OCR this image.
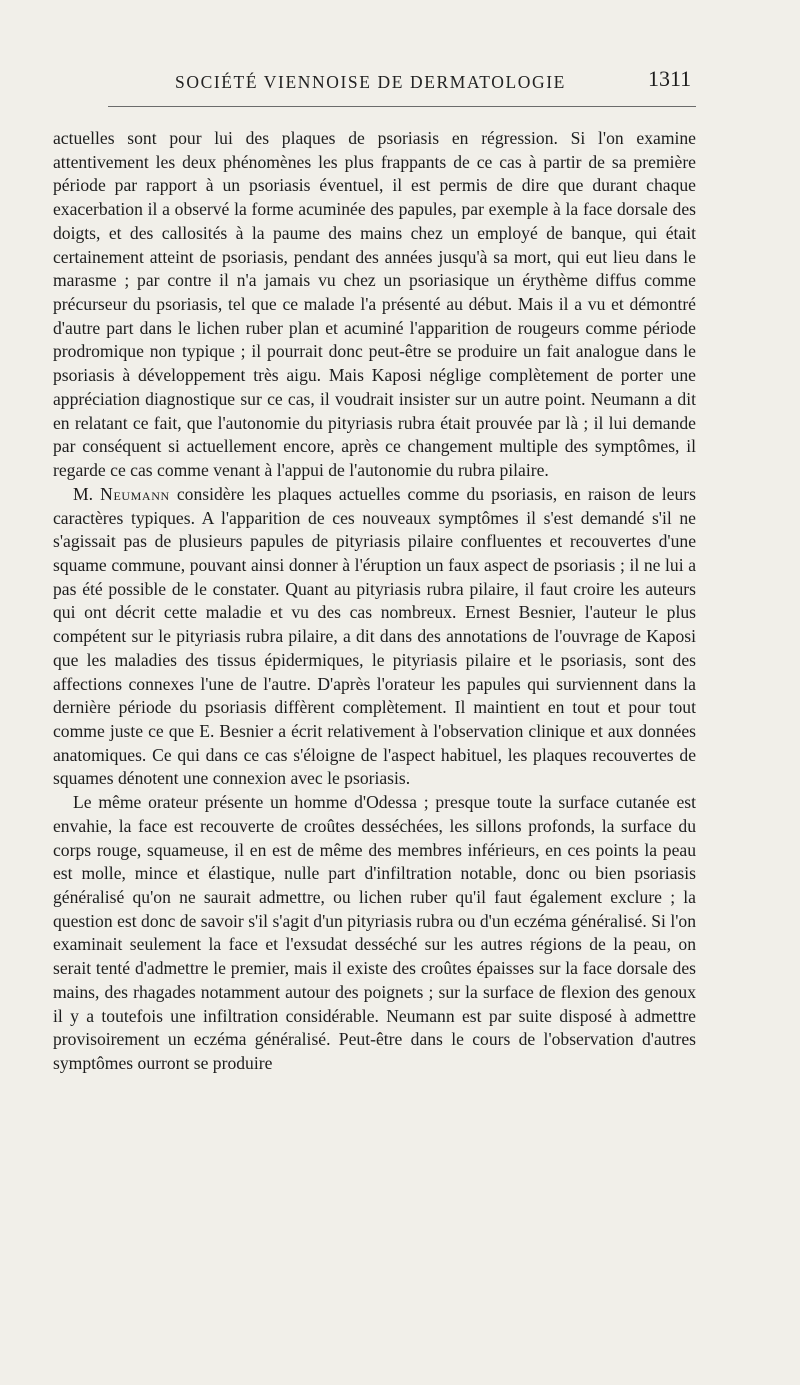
SOCIÉTÉ VIENNOISE DE DERMATOLOGIE	1311

actuelles sont pour lui des plaques de psoriasis en régression. Si l'on examine attentivement les deux phénomènes les plus frappants de ce cas à partir de sa première période par rapport à un psoriasis éventuel, il est permis de dire que durant chaque exacerbation il a observé la forme acuminée des papules, par exemple à la face dorsale des doigts, et des callosités à la paume des mains chez un employé de banque, qui était certainement atteint de psoriasis, pendant des années jusqu'à sa mort, qui eut lieu dans le marasme ; par contre il n'a jamais vu chez un psoriasique un érythème diffus comme précurseur du psoriasis, tel que ce malade l'a présenté au début. Mais il a vu et démontré d'autre part dans le lichen ruber plan et acuminé l'apparition de rougeurs comme période prodromique non typique ; il pourrait donc peut-être se produire un fait analogue dans le psoriasis à développement très aigu. Mais Kaposi néglige complètement de porter une appréciation diagnostique sur ce cas, il voudrait insister sur un autre point. Neumann a dit en relatant ce fait, que l'autonomie du pityriasis rubra était prouvée par là ; il lui demande par conséquent si actuellement encore, après ce changement multiple des symptômes, il regarde ce cas comme venant à l'appui de l'autonomie du rubra pilaire.

M. Neumann considère les plaques actuelles comme du psoriasis, en raison de leurs caractères typiques. A l'apparition de ces nouveaux symptômes il s'est demandé s'il ne s'agissait pas de plusieurs papules de pityriasis pilaire confluentes et recouvertes d'une squame commune, pouvant ainsi donner à l'éruption un faux aspect de psoriasis ; il ne lui a pas été possible de le constater. Quant au pityriasis rubra pilaire, il faut croire les auteurs qui ont décrit cette maladie et vu des cas nombreux. Ernest Besnier, l'auteur le plus compétent sur le pityriasis rubra pilaire, a dit dans des annotations de l'ouvrage de Kaposi que les maladies des tissus épidermiques, le pityriasis pilaire et le psoriasis, sont des affections connexes l'une de l'autre. D'après l'orateur les papules qui surviennent dans la dernière période du psoriasis diffèrent complètement. Il maintient en tout et pour tout comme juste ce que E. Besnier a écrit relativement à l'observation clinique et aux données anatomiques. Ce qui dans ce cas s'éloigne de l'aspect habituel, les plaques recouvertes de squames dénotent une connexion avec le psoriasis.

Le même orateur présente un homme d'Odessa ; presque toute la surface cutanée est envahie, la face est recouverte de croûtes desséchées, les sillons profonds, la surface du corps rouge, squameuse, il en est de même des membres inférieurs, en ces points la peau est molle, mince et élastique, nulle part d'infiltration notable, donc ou bien psoriasis généralisé qu'on ne saurait admettre, ou lichen ruber qu'il faut également exclure ; la question est donc de savoir s'il s'agit d'un pityriasis rubra ou d'un eczéma généralisé. Si l'on examinait seulement la face et l'exsudat desséché sur les autres régions de la peau, on serait tenté d'admettre le premier, mais il existe des croûtes épaisses sur la face dorsale des mains, des rhagades notamment autour des poignets ; sur la surface de flexion des genoux il y a toutefois une infiltration considérable. Neumann est par suite disposé à admettre provisoirement un eczéma généralisé. Peut-être dans le cours de l'observation d'autres symptômes ourront se produire
